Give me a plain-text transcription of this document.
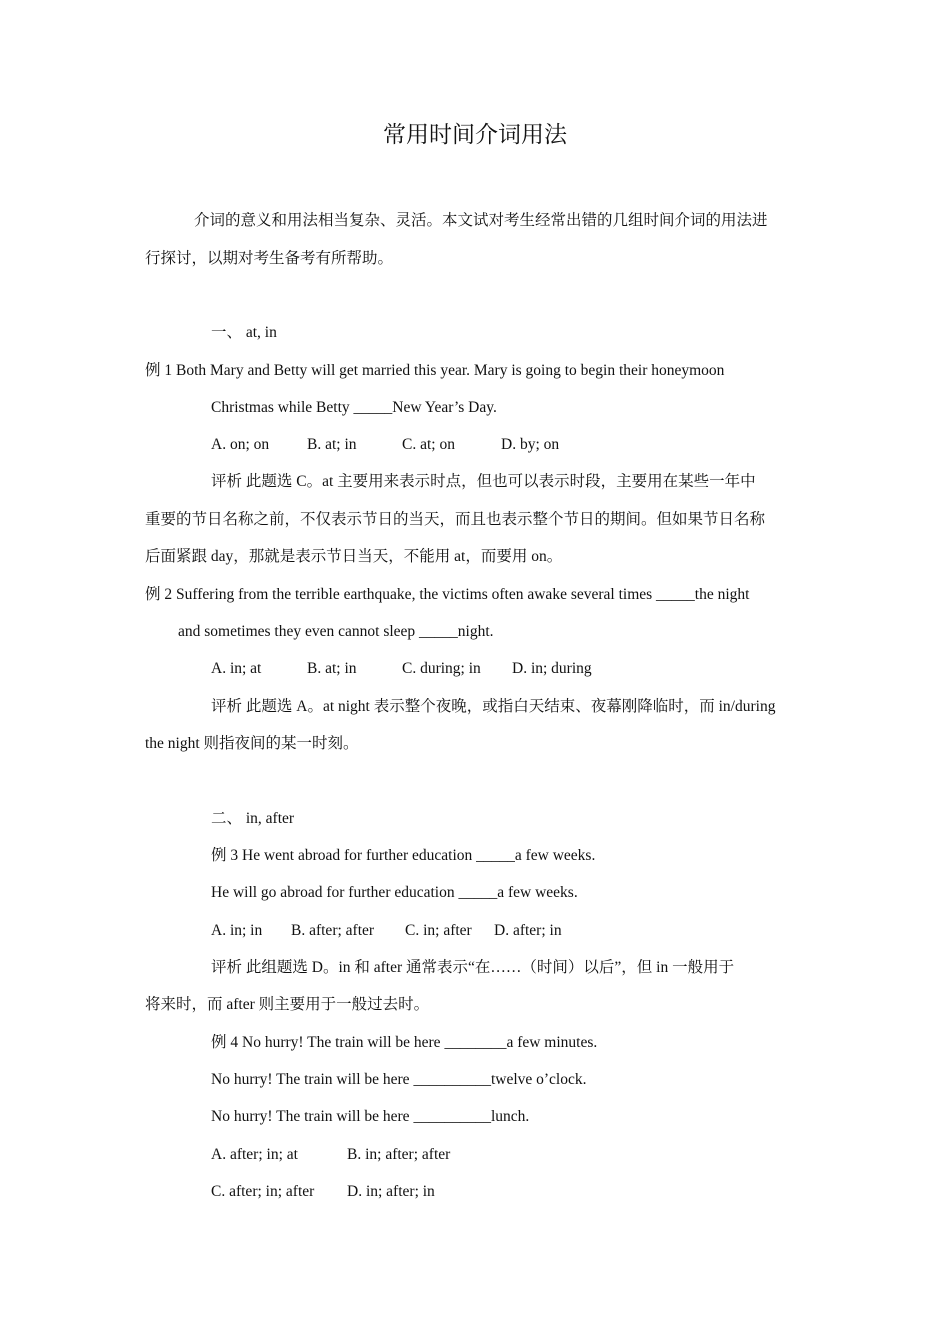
常用时间介词用法
介词的意义和用法相当复杂、灵活。本文试对考生经常出错的几组时间介词的用法进
行探讨，以期对考生备考有所帮助。
一、 at, in
例 1 Both Mary and Betty will get married this year. Mary is going to begin their honeymoon
Christmas while Betty _____New Year’s Day.
A. on; on B. at; in	C. at; on	D. by; on
评析 此题选 C。at 主要用来表示时点，但也可以表示时段，主要用在某些一年中
重要的节日名称之前，不仅表示节日的当天，而且也表示整个节日的期间。但如果节日名称
后面紧跟 day，那就是表示节日当天，不能用 at，而要用 on。
例 2 Suffering from the terrible earthquake, the victims often awake several times _____the night
and sometimes they even cannot sleep _____night.
A. in; at	B. at; in	C. during; in D. in; during
评析 此题选 A。at night 表示整个夜晚，或指白天结束、夜幕刚降临时，而 in/during
the night 则指夜间的某一时刻。
二、 in, after
例 3 He went abroad for further education _____a few weeks.
He will go abroad for further education _____a few weeks.
A. in; in B. after; after C. in; after D. after; in
评析 此组题选 D。in 和 after 通常表示“在……（时间）以后”，但 in 一般用于
将来时，而 after 则主要用于一般过去时。
例 4 No hurry! The train will be here ________a few minutes.
No hurry! The train will be here __________twelve o’clock.
No hurry! The train will be here __________lunch.
A. after; in; at	B. in; after; after
C. after; in; after D. in; after; in
